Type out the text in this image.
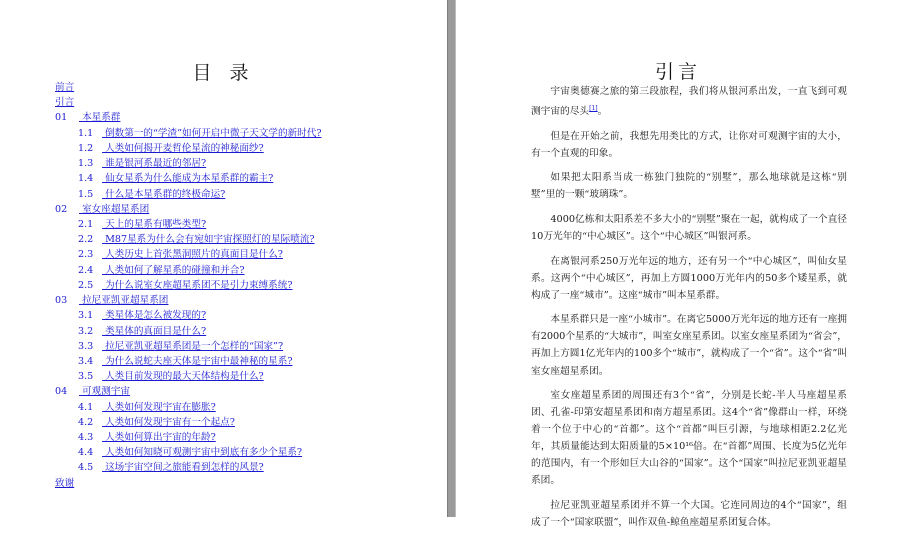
目 录
前言
引言
01 本星系群
1.1 倒数第一的“学渣”如何开启中微子天文学的新时代?
1.2 人类如何揭开麦哲伦星流的神秘面纱?
1.3 谁是银河系最近的邻居?
1.4 仙女星系为什么能成为本星系群的霸主?
1.5 什么是本星系群的终极命运?
02 室女座超星系团
2.1 天上的星系有哪些类型?
2.2 M87星系为什么会有宛如宇宙探照灯的星际喷流?
2.3 人类历史上首张黑洞照片的真面目是什么?
2.4 人类如何了解星系的碰撞和并合?
2.5 为什么说室女座超星系团不是引力束缚系统?
03 拉尼亚凯亚超星系团
3.1 类星体是怎么被发现的?
3.2 类星体的真面目是什么?
3.3 拉尼亚凯亚超星系团是一个怎样的“国家”?
3.4 为什么说蛇夫座天体是宇宙中最神秘的星系?
3.5 人类目前发现的最大天体结构是什么?
04 可观测宇宙
4.1 人类如何发现宇宙在膨胀?
4.2 人类如何发现宇宙有一个起点?
4.3 人类如何算出宇宙的年龄?
4.4 人类如何知晓可观测宇宙中到底有多少个星系?
4.5 这场宇宙空间之旅能看到怎样的风景?
致谢
引言

宇宙奥德赛之旅的第三段旅程，我们将从银河系出发，一直飞到可观测宇宙的尽头[1]。

但是在开始之前，我想先用类比的方式，让你对可观测宇宙的大小，有一个直观的印象。

如果把太阳系当成一栋独门独院的“别墅”，那么地球就是这栋“别墅”里的一颗“玻璃珠”。

4000亿栋和太阳系差不多大小的“别墅”聚在一起，就构成了一个直径10万光年的“中心城区”。这个“中心城区”叫银河系。

在离银河系250万光年远的地方，还有另一个“中心城区”，叫仙女星系。这两个“中心城区”，再加上方圆1000万光年内的50多个矮星系，就构成了一座“城市”。这座“城市”叫本星系群。

本星系群只是一座“小城市”。在离它5000万光年远的地方还有一座拥有2000个星系的“大城市”，叫室女座星系团。以室女座星系团为“省会”，再加上方圆1亿光年内的100多个“城市”，就构成了一个“省”。这个“省”叫室女座超星系团。

室女座超星系团的周围还有3个“省”，分别是长蛇-半人马座超星系团、孔雀-印第安超星系团和南方超星系团。这4个“省”像群山一样，环绕着一个位于中心的“首都”。这个“首都”叫巨引源，与地球相距2.2亿光年，其质量能达到太阳质量的5×10¹⁶倍。在“首都”周围、长度为5亿光年的范围内，有一个形如巨大山谷的“国家”。这个“国家”叫拉尼亚凯亚超星系团。

拉尼亚凯亚超星系团并不算一个大国。它连同周边的4个“国家”，组成了一个“国家联盟”，叫作双鱼-鲸鱼座超星系团复合体。
